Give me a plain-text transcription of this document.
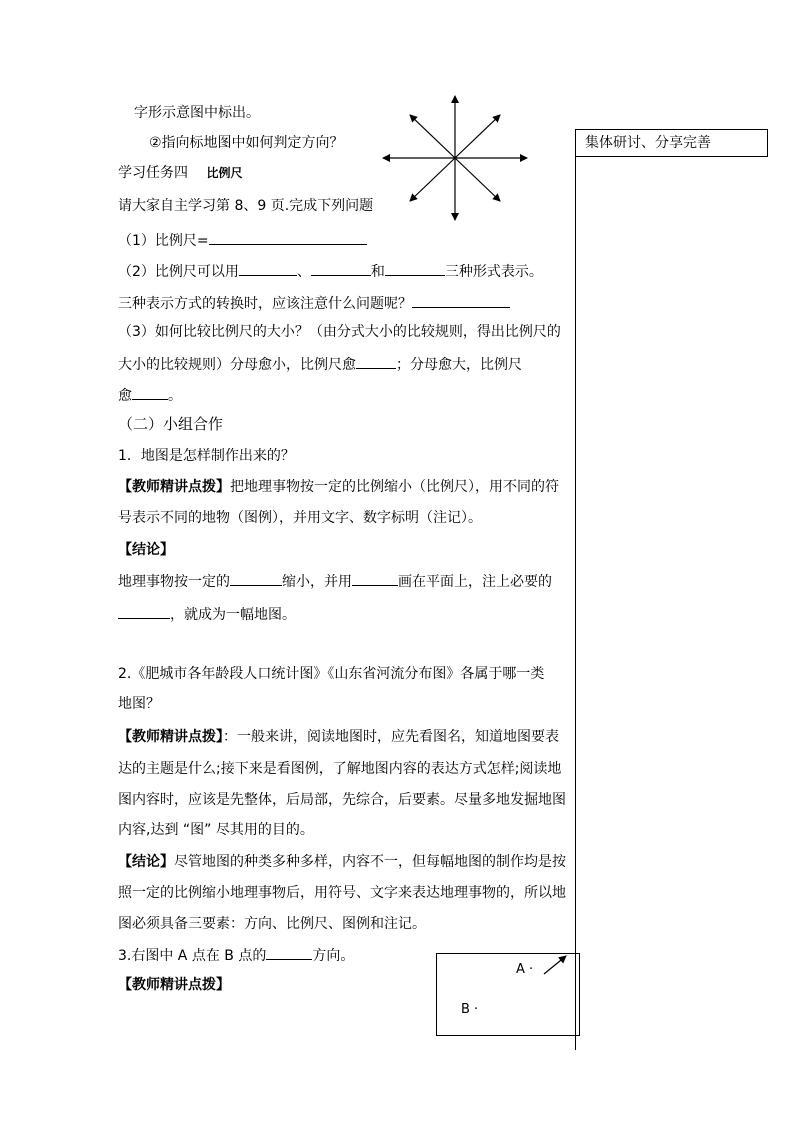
字形示意图中标出。
②指向标地图中如何判定方向？	集体研讨、分享完善
学习任务四 比例尺
请大家自主学习第 8、9 页.完成下列问题
（1）比例尺=
（2）比例尺可以用	、	和	三种形式表示。
三种表示方式的转换时，应该注意什么问题呢？
（3）如何比较比例尺的大小？（由分式大小的比较规则，得出比例尺的
大小的比较规则）分母愈小，比例尺愈	；分母愈大，比例尺
愈	。
（二）小组合作
1．地图是怎样制作出来的？
【教师精讲点拨】把地理事物按一定的比例缩小（比例尺），用不同的符
号表示不同的地物（图例），并用文字、数字标明（注记）。
【结论】
地理事物按一定的	缩小，并用	画在平面上，注上必要的
，就成为一幅地图。
2.《肥城市各年龄段人口统计图》《山东省河流分布图》各属于哪一类
地图？
【教师精讲点拨】：一般来讲，阅读地图时，应先看图名，知道地图要表
达的主题是什么;接下来是看图例，了解地图内容的表达方式怎样;阅读地
图内容时，应该是先整体，后局部，先综合，后要素。尽量多地发掘地图
内容,达到 “图” 尽其用的目的。
【结论】尽管地图的种类多种多样，内容不一，但每幅地图的制作均是按
照一定的比例缩小地理事物后，用符号、文字来表达地理事物的，所以地
图必须具备三要素：方向、比例尺、图例和注记。
3.右图中 A 点在 B 点的	方向。
【教师精讲点拨】
A ·
B ·
